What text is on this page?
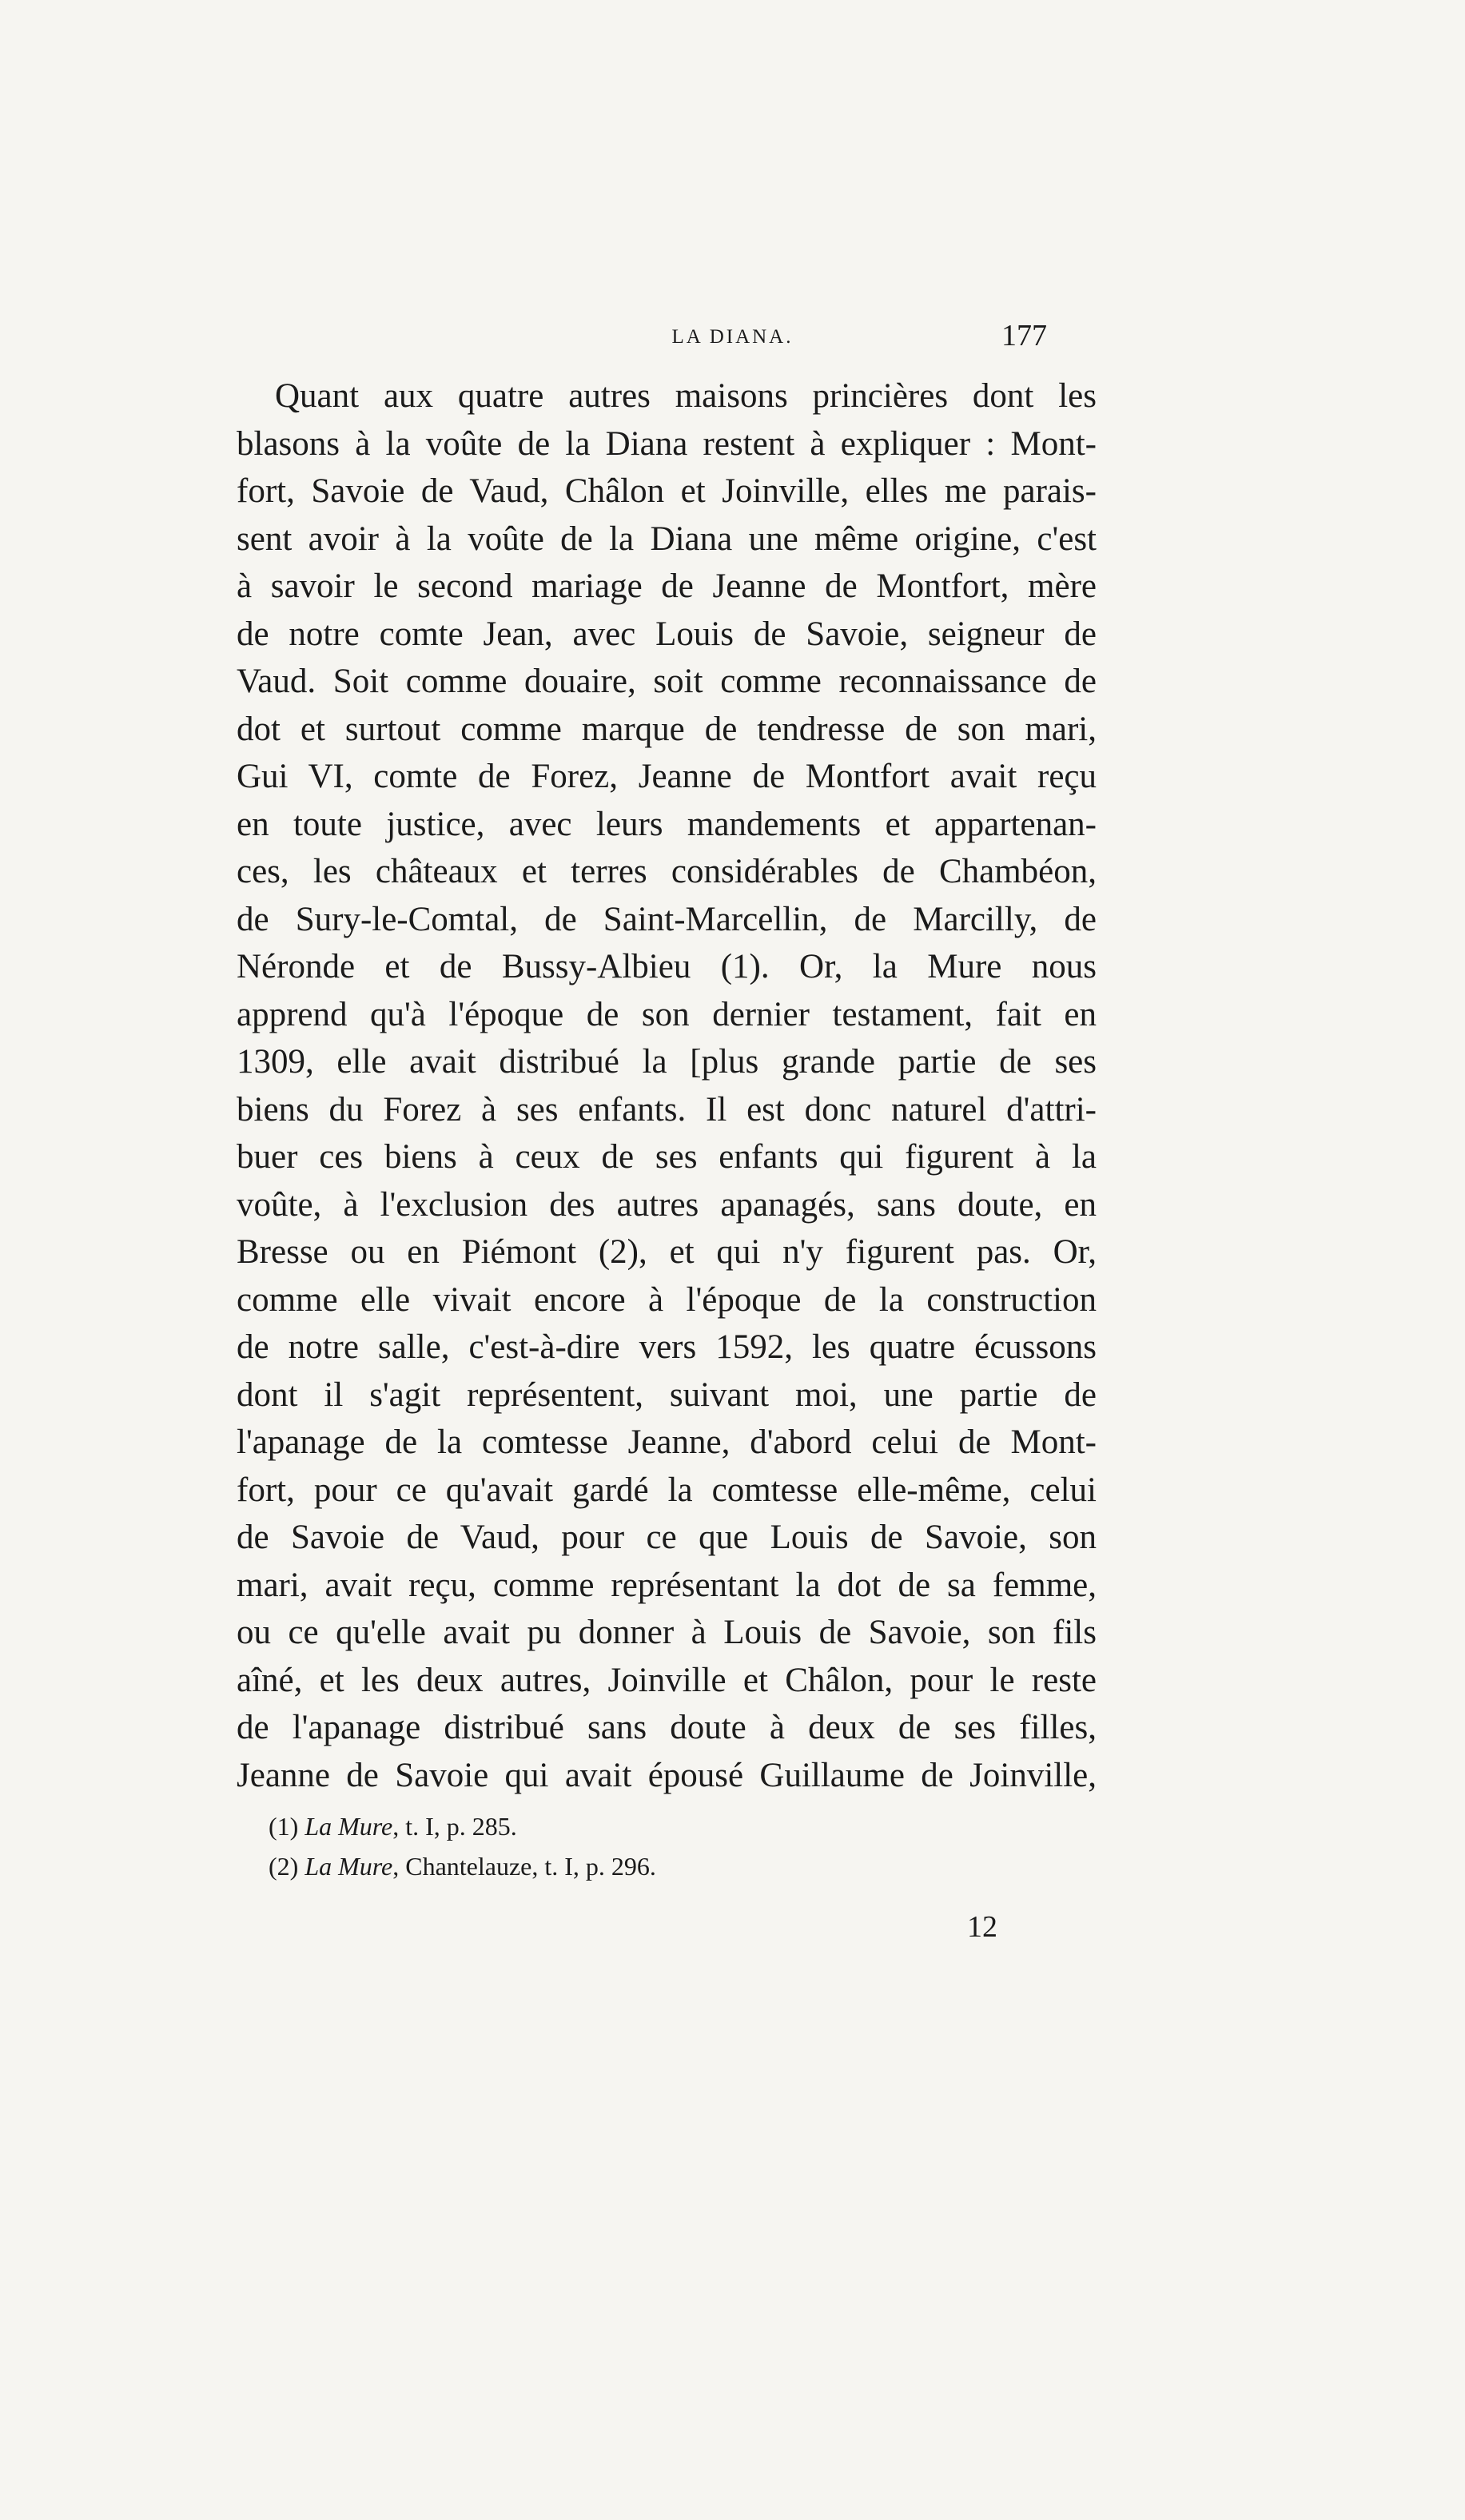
LA DIANA.	177
Quant aux quatre autres maisons princières dont les
blasons à la voûte de la Diana restent à expliquer : Mont-
fort, Savoie de Vaud, Châlon et Joinville, elles me parais-
sent avoir à la voûte de la Diana une même origine, c'est
à savoir le second mariage de Jeanne de Montfort, mère
de notre comte Jean, avec Louis de Savoie, seigneur de
Vaud. Soit comme douaire, soit comme reconnaissance de
dot et surtout comme marque de tendresse de son mari,
Gui VI, comte de Forez, Jeanne de Montfort avait reçu
en toute justice, avec leurs mandements et appartenan-
ces, les châteaux et terres considérables de Chambéon,
de Sury-le-Comtal, de Saint-Marcellin, de Marcilly, de
Néronde et de Bussy-Albieu (1). Or, la Mure nous
apprend qu'à l'époque de son dernier testament, fait en
1309, elle avait distribué la [plus grande partie de ses
biens du Forez à ses enfants. Il est donc naturel d'attri-
buer ces biens à ceux de ses enfants qui figurent à la
voûte, à l'exclusion des autres apanagés, sans doute, en
Bresse ou en Piémont (2), et qui n'y figurent pas. Or,
comme elle vivait encore à l'époque de la construction
de notre salle, c'est-à-dire vers 1592, les quatre écussons
dont il s'agit représentent, suivant moi, une partie de
l'apanage de la comtesse Jeanne, d'abord celui de Mont-
fort, pour ce qu'avait gardé la comtesse elle-même, celui
de Savoie de Vaud, pour ce que Louis de Savoie, son
mari, avait reçu, comme représentant la dot de sa femme,
ou ce qu'elle avait pu donner à Louis de Savoie, son fils
aîné, et les deux autres, Joinville et Châlon, pour le reste
de l'apanage distribué sans doute à deux de ses filles,
Jeanne de Savoie qui avait épousé Guillaume de Joinville,
(1) La Mure, t. I, p. 285.
(2) La Mure, Chantelauze, t. I, p. 296.
12
